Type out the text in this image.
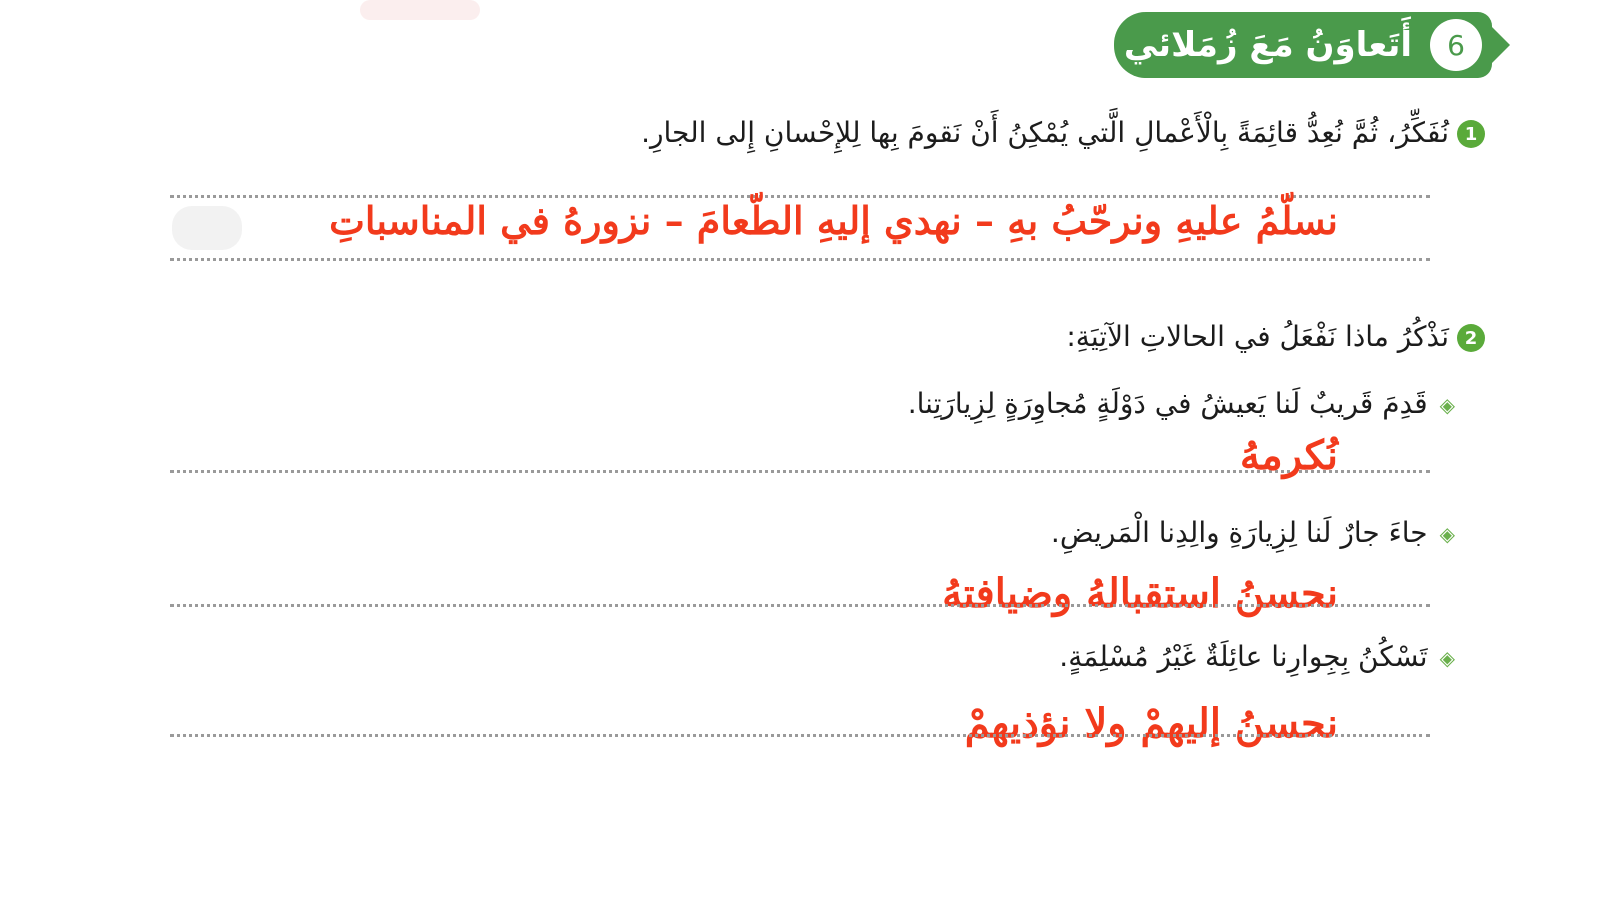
أَتَعاوَنُ مَعَ زُمَلائي	6
1نُفَكِّرُ، ثُمَّ نُعِدُّ قائِمَةً بِالْأَعْمالِ الَّتي يُمْكِنُ أَنْ نَقومَ بِها لِلإِحْسانِ إِلى الجارِ.
نسلّمُ عليهِ ونرحّبُ بهِ – نهدي إليهِ الطّعامَ – نزورهُ في المناسباتِ
2نَذْكُرُ ماذا نَفْعَلُ في الحالاتِ الآتِيَةِ:
◈قَدِمَ قَريبٌ لَنا يَعيشُ في دَوْلَةٍ مُجاوِرَةٍ لِزِيارَتِنا.
نُكرمهُ
◈جاءَ جارٌ لَنا لِزِيارَةِ والِدِنا الْمَريضِ.
نحسنُ استقبالهُ وضيافتهُ
◈تَسْكُنُ بِجِوارِنا عائِلَةٌ غَيْرُ مُسْلِمَةٍ.
نحسنُ إليهمْ ولا نؤذيهمْ
